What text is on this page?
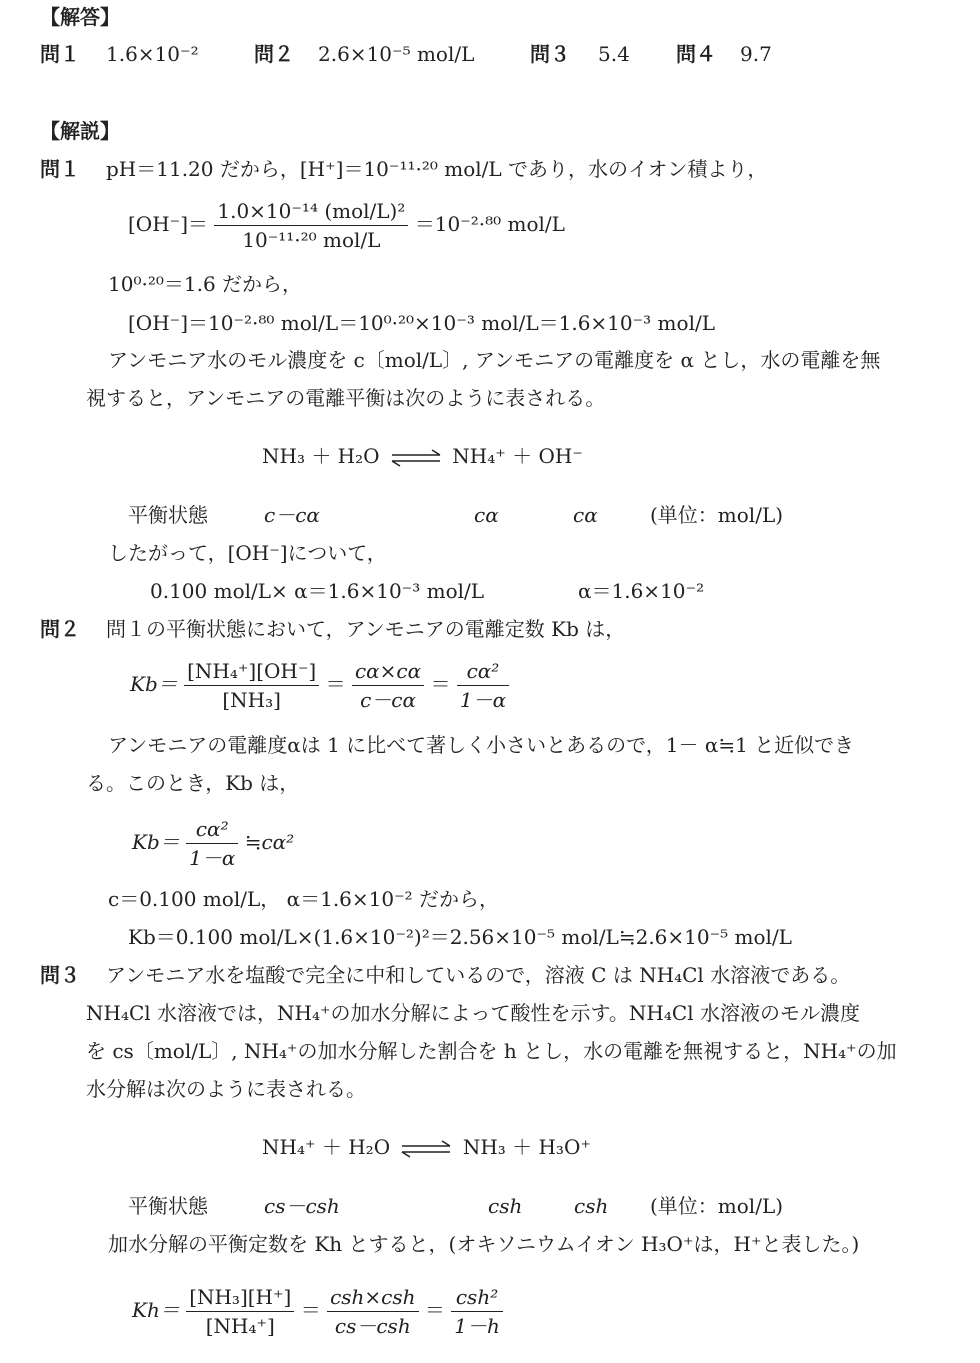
【解答】
問１ 1.6×10⁻²	問２ 2.6×10⁻⁵ mol/L	問３ 5.4 問４ 9.7
【解説】
問１ pH＝11.20 だから，[H⁺]＝10⁻¹¹·²⁰ mol/L であり，水のイオン積より，
$[OH^-]= \frac{\text{1.0×10⁻¹⁴ (mol/L)²}}{\text{10⁻¹¹·²⁰ mol/L}} =10^{-2}\cdot^{80}$ mol/L
10⁰·²⁰＝1.6 だから，
[OH⁻]＝10⁻²·⁸⁰ mol/L＝10⁰·²⁰×10⁻³ mol/L＝1.6×10⁻³ mol/L
アンモニア水のモル濃度を c〔mol/L〕, アンモニアの電離度を α とし，水の電離を無
視すると，アンモニアの電離平衡は次のように表される。
NH₃ ＋ H₂O ⇌ NH₄⁺ ＋ OH⁻
平衡状態	c－cα	cα	cα	(単位：mol/L)
したがって，[OH⁻]について，
0.100 mol/L× α＝1.6×10⁻³ mol/L	α＝1.6×10⁻²
問２ 問１の平衡状態において，アンモニアの電離定数 Kb は，
$Kb= \frac{\text{[NH₄⁺][OH⁻]}}{\text{[NH₃]}} = \frac{c\alpha\times c\alpha}{c-c\alpha} = \frac{\text{cα²}}{1-\alpha}$
アンモニアの電離度αは 1 に比べて著しく小さいとあるので，1－ α≒1 と近似でき
る。このとき，Kb は，
$Kb= \frac{\text{cα²}}{1-\alpha}$ ≒cα²
c＝0.100 mol/L， α＝1.6×10⁻² だから，
Kb＝0.100 mol/L×(1.6×10⁻²)²＝2.56×10⁻⁵ mol/L≒2.6×10⁻⁵ mol/L
問３ アンモニア水を塩酸で完全に中和しているので，溶液 C は NH₄Cl 水溶液である。
NH₄Cl 水溶液では，NH₄⁺の加水分解によって酸性を示す。NH₄Cl 水溶液のモル濃度
を cs〔mol/L〕, NH₄⁺の加水分解した割合を h とし，水の電離を無視すると，NH₄⁺の加
水分解は次のように表される。
NH₄⁺ ＋ H₂O ⇌ NH₃ ＋ H₃O⁺
平衡状態	cs－csh	csh	csh (単位：mol/L)
加水分解の平衡定数を Kh とすると，(オキソニウムイオン H₃O⁺は，H⁺と表した。)
$Kh= \frac{\text{[NH₃][H⁺]}}{\text{[NH₄⁺]}} = \frac{\text{csh×csh}}{\text{cs－csh}} = \frac{\text{csh²}}{1-h}$
